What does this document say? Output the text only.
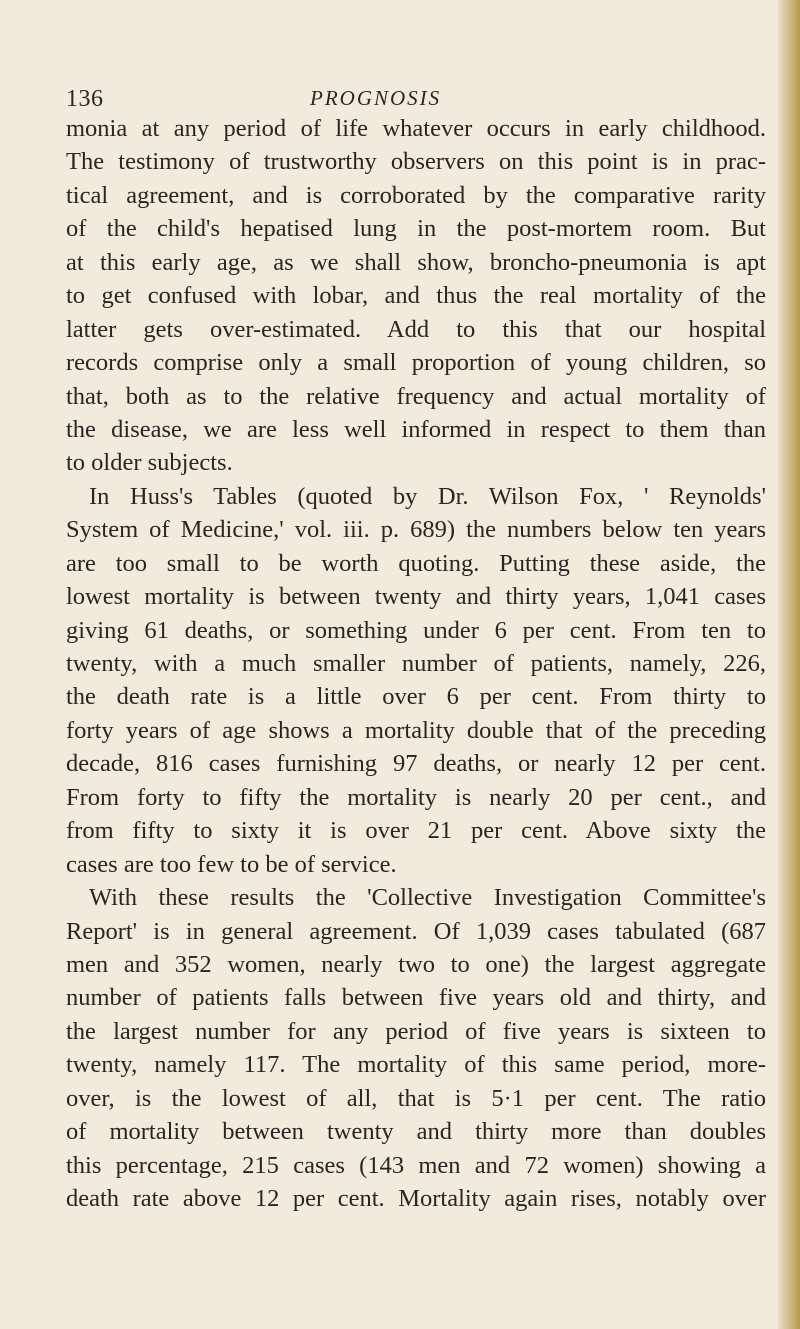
136	PROGNOSIS
monia at any period of life whatever occurs in early childhood.
The testimony of trustworthy observers on this point is in prac-
tical agreement, and is corroborated by the comparative rarity
of the child's hepatised lung in the post-mortem room. But
at this early age, as we shall show, broncho-pneumonia is apt
to get confused with lobar, and thus the real mortality of the
latter gets over-estimated. Add to this that our hospital
records comprise only a small proportion of young children, so
that, both as to the relative frequency and actual mortality of
the disease, we are less well informed in respect to them than
to older subjects.
In Huss's Tables (quoted by Dr. Wilson Fox, ' Reynolds'
System of Medicine,' vol. iii. p. 689) the numbers below ten years
are too small to be worth quoting. Putting these aside, the
lowest mortality is between twenty and thirty years, 1,041 cases
giving 61 deaths, or something under 6 per cent. From ten to
twenty, with a much smaller number of patients, namely, 226,
the death rate is a little over 6 per cent. From thirty to
forty years of age shows a mortality double that of the preceding
decade, 816 cases furnishing 97 deaths, or nearly 12 per cent.
From forty to fifty the mortality is nearly 20 per cent., and
from fifty to sixty it is over 21 per cent. Above sixty the
cases are too few to be of service.
With these results the 'Collective Investigation Committee's
Report' is in general agreement. Of 1,039 cases tabulated (687
men and 352 women, nearly two to one) the largest aggregate
number of patients falls between five years old and thirty, and
the largest number for any period of five years is sixteen to
twenty, namely 117. The mortality of this same period, more-
over, is the lowest of all, that is 5·1 per cent. The ratio
of mortality between twenty and thirty more than doubles
this percentage, 215 cases (143 men and 72 women) showing a
death rate above 12 per cent. Mortality again rises, notably over
